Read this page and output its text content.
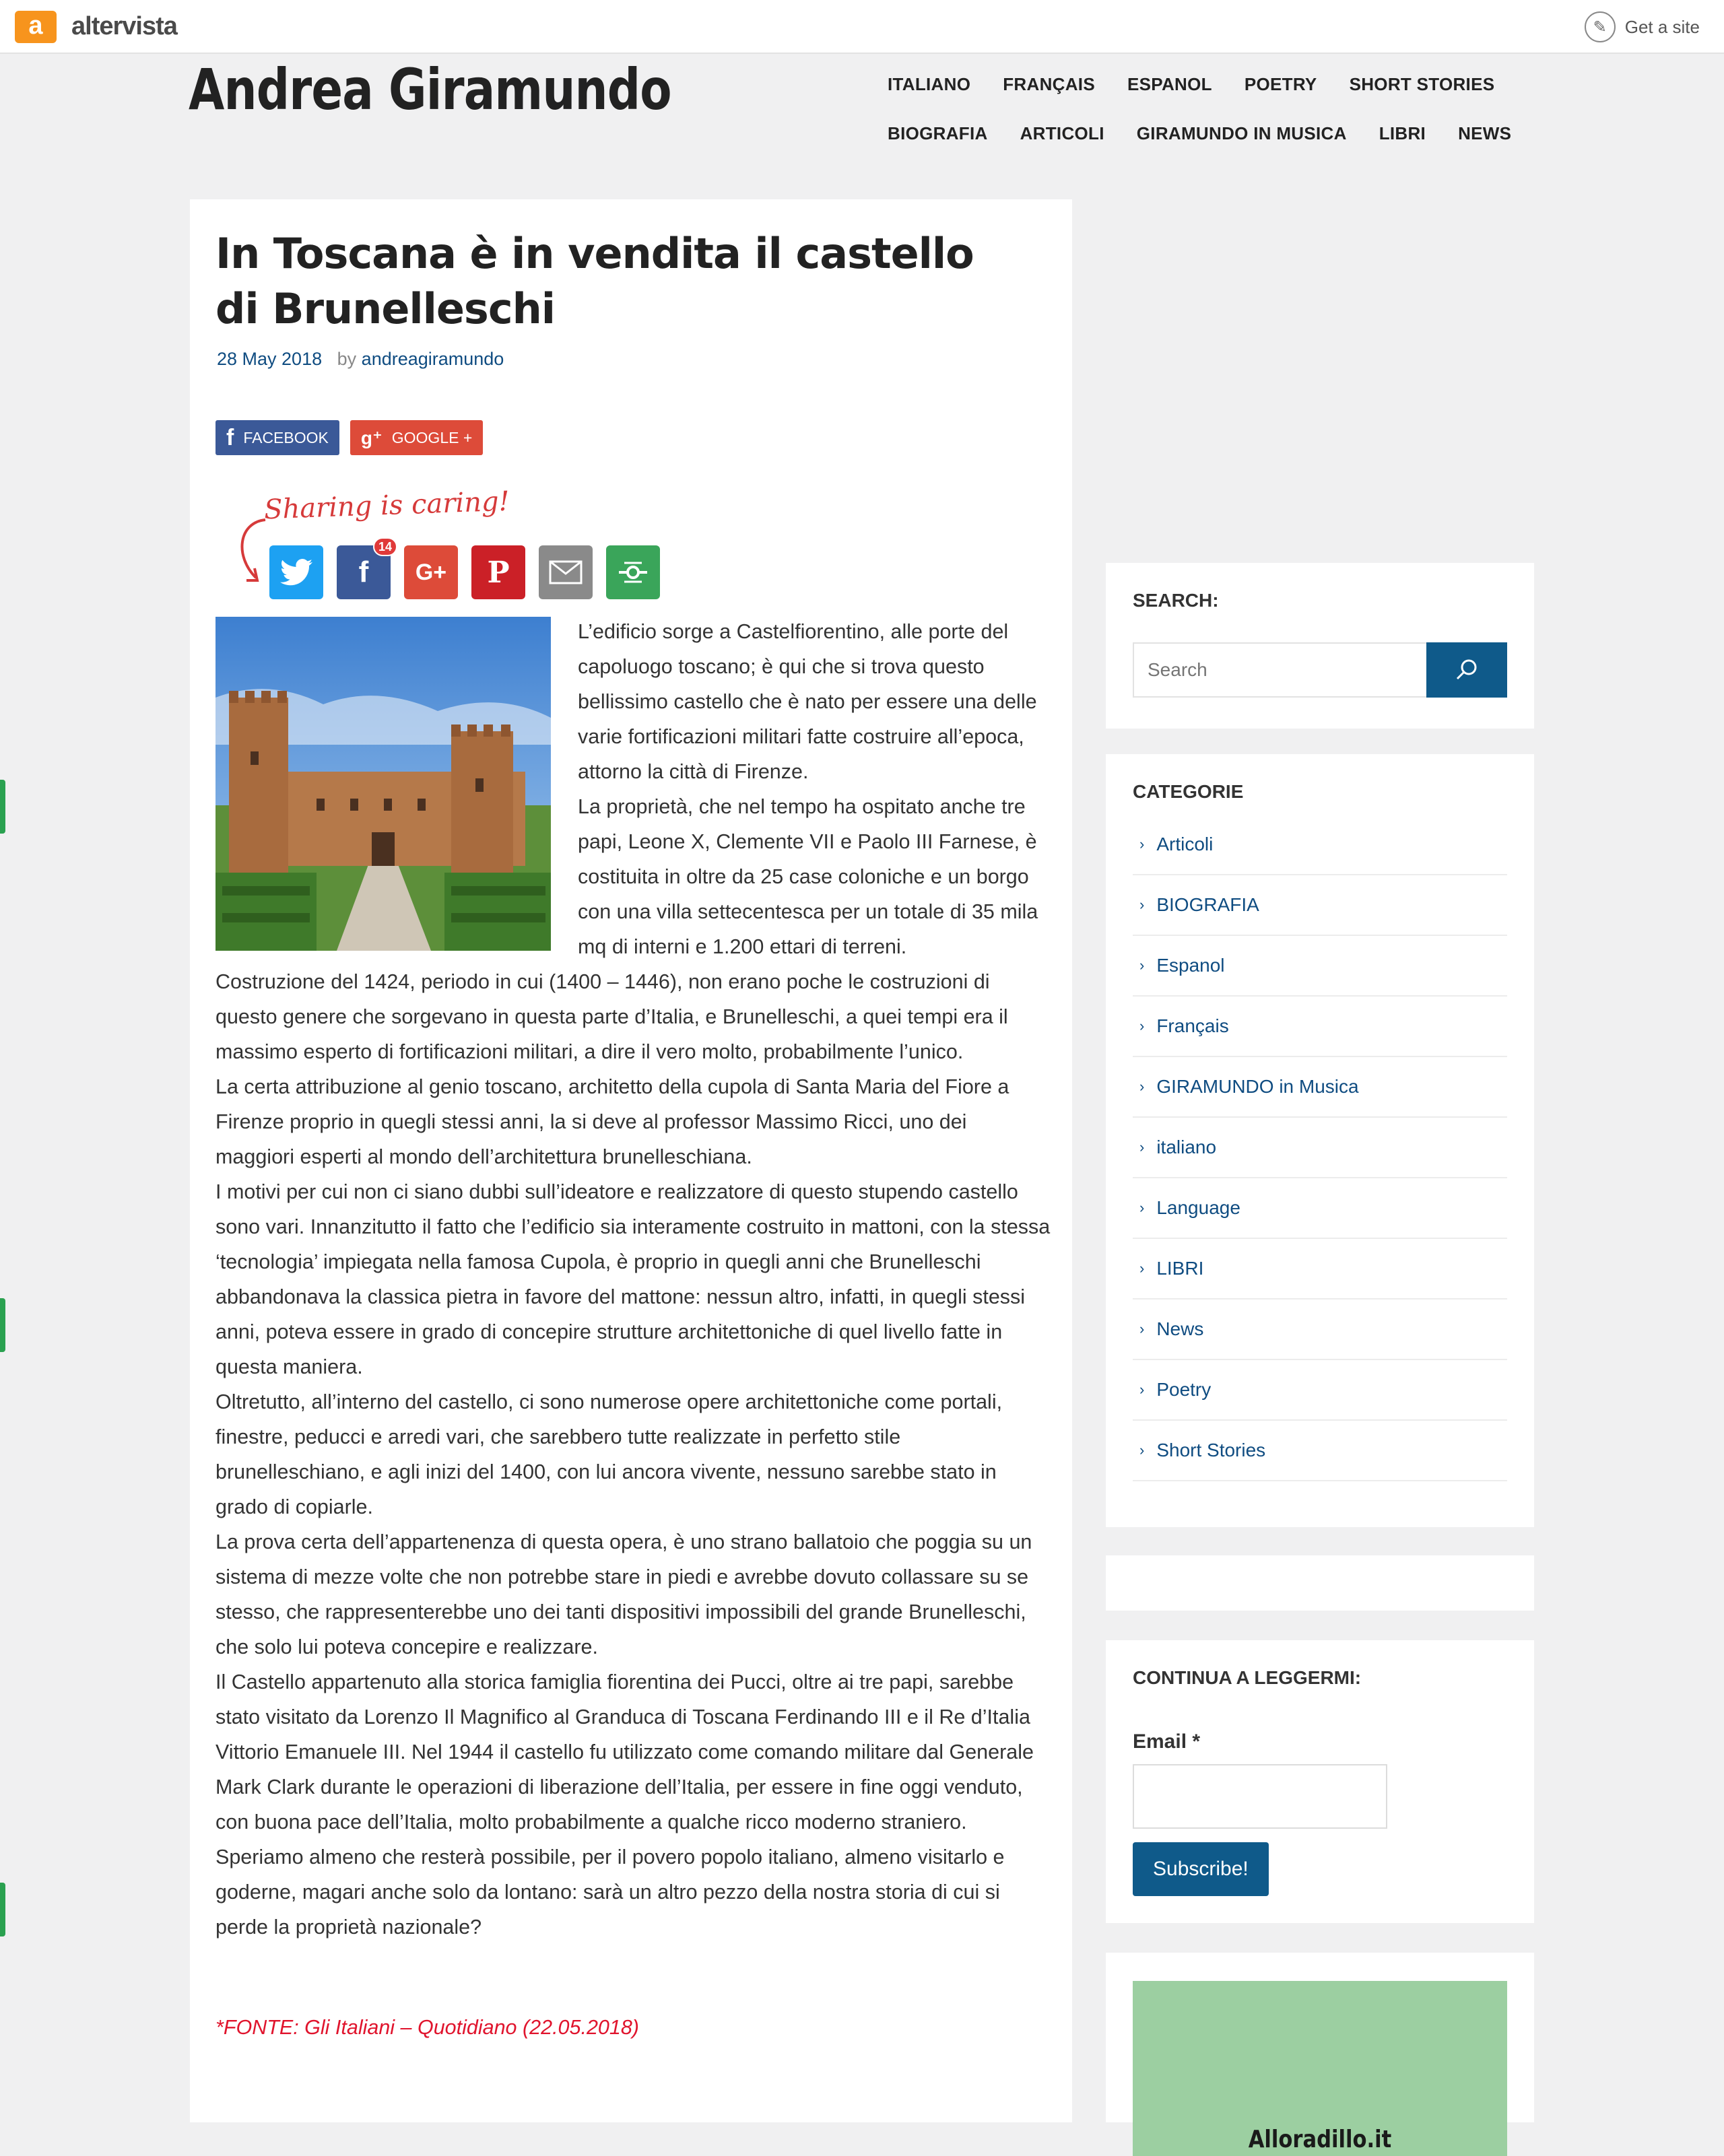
a	altervista	✎	Get a site
Andrea Giramundo	ITALIANO FRANÇAIS ESPANOL POETRY SHORT STORIES
BIOGRAFIA ARTICOLI GIRAMUNDO IN MUSICA LIBRI NEWS
In Toscana è in vendita il castello di Brunelleschi
28 May 2018 by andreagiramundo
f FACEBOOK g⁺ GOOGLE +
Sharing is caring!
f
14
G+ P

L’edificio sorge a Castelfiorentino, alle porte del capoluogo toscano; è qui che si trova questo bellissimo castello che è nato per essere una delle varie fortificazioni militari fatte costruire all’epoca, attorno la città di Firenze.

La proprietà, che nel tempo ha ospitato anche tre papi, Leone X, Clemente VII e Paolo III Farnese, è costituita in oltre da 25 case coloniche e un borgo con una villa settecentesca per un totale di 35 mila mq di interni e 1.200 ettari di terreni.

Costruzione del 1424, periodo in cui (1400 – 1446), non erano poche le costruzioni di questo genere che sorgevano in questa parte d’Italia, e Brunelleschi, a quei tempi era il massimo esperto di fortificazioni militari, a dire il vero molto, probabilmente l’unico.

La certa attribuzione al genio toscano, architetto della cupola di Santa Maria del Fiore a Firenze proprio in quegli stessi anni, la si deve al professor Massimo Ricci, uno dei maggiori esperti al mondo dell’architettura brunelleschiana.

I motivi per cui non ci siano dubbi sull’ideatore e realizzatore di questo stupendo castello sono vari. Innanzitutto il fatto che l’edificio sia interamente costruito in mattoni, con la stessa ‘tecnologia’ impiegata nella famosa Cupola, è proprio in quegli anni che Brunelleschi abbandonava la classica pietra in favore del mattone: nessun altro, infatti, in quegli stessi anni, poteva essere in grado di concepire strutture architettoniche di quel livello fatte in questa maniera.

Oltretutto, all’interno del castello, ci sono numerose opere architettoniche come portali, finestre, peducci e arredi vari, che sarebbero tutte realizzate in perfetto stile brunelleschiano, e agli inizi del 1400, con lui ancora vivente, nessuno sarebbe stato in grado di copiarle.

La prova certa dell’appartenenza di questa opera, è uno strano ballatoio che poggia su un sistema di mezze volte che non potrebbe stare in piedi e avrebbe dovuto collassare su se stesso, che rappresenterebbe uno dei tanti dispositivi impossibili del grande Brunelleschi, che solo lui poteva concepire e realizzare.

Il Castello appartenuto alla storica famiglia fiorentina dei Pucci, oltre ai tre papi, sarebbe stato visitato da Lorenzo Il Magnifico al Granduca di Toscana Ferdinando III e il Re d’Italia Vittorio Emanuele III. Nel 1944 il castello fu utilizzato come comando militare dal Generale Mark Clark durante le operazioni di liberazione dell’Italia, per essere in fine oggi venduto, con buona pace dell’Italia, molto probabilmente a qualche ricco moderno straniero.

Speriamo almeno che resterà possibile, per il povero popolo italiano, almeno visitarlo e goderne, magari anche solo da lontano: sarà un altro pezzo della nostra storia di cui si perde la proprietà nazionale?

*FONTE: Gli Italiani – Quotidiano (22.05.2018)
SEARCH:
Search
CATEGORIE
› Articoli
› BIOGRAFIA
› Espanol
› Français
› GIRAMUNDO in Musica
› italiano
› Language
› LIBRI
› News
› Poetry
› Short Stories
CONTINUA A LEGGERMI:
Email *
Subscribe!
Alloradillo.it
